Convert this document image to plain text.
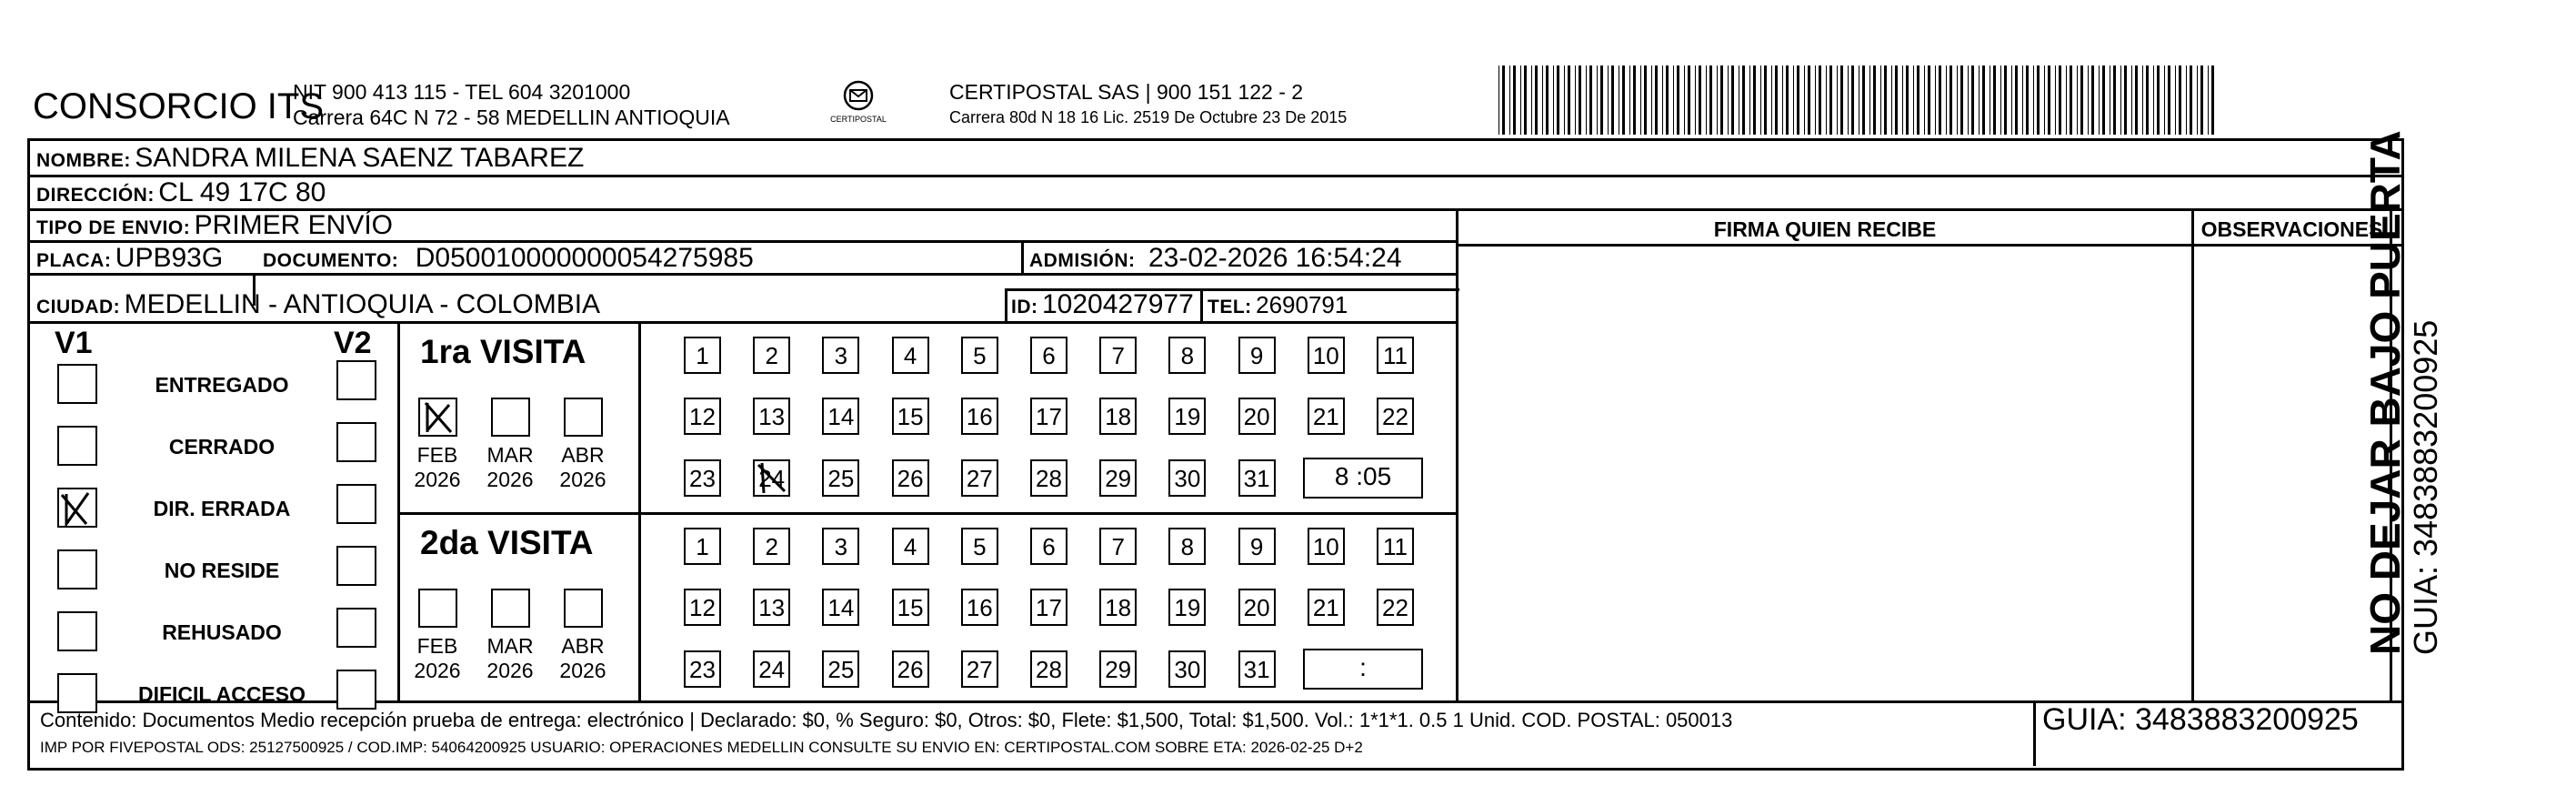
CONSORCIO ITS
NIT 900 413 115 - TEL 604 3201000
Carrera 64C N 72 - 58 MEDELLIN ANTIOQUIA	CERTIPOSTAL
CERTIPOSTAL SAS | 900 151 122 - 2
Carrera 80d N 18 16 Lic. 2519 De Octubre 23 De 2015
NOMBRE: SANDRA MILENA SAENZ TABAREZ
DIRECCIÓN: CL 49 17C 80
TIPO DE ENVIO: PRIMER ENVÍO
PLACA: UPB93G DOCUMENTO: D050010000000054275985	ADMISIÓN: 23-02-2026 16:54:24
CIUDAD: MEDELLIN - ANTIOQUIA - COLOMBIA	ID: 1020427977 TEL: 2690791
FIRMA QUIEN RECIBE	OBSERVACIONES
V1	V2
ENTREGADO
CERRADO
DIR. ERRADA
NO RESIDE
REHUSADO
DIFICIL ACCESO
1ra VISITA
FEB
2026
MAR
2026
ABR
2026
1	2	3	4	5	6	7	8	9	10 11
12 13 14 15 16 17 18 19 20 21 22
23 24 25 26 27 28 29 30 31	8 :05
2da VISITA
FEB
2026
MAR
2026
ABR
2026
1	2	3	4	5	6	7	8	9	10 11
12 13 14 15 16 17 18 19 20 21 22
23 24 25 26 27 28 29 30 31	:
Contenido: Documentos Medio recepción prueba de entrega: electrónico | Declarado: $0, % Seguro: $0, Otros: $0, Flete: $1,500, Total: $1,500. Vol.: 1*1*1. 0.5 1 Unid. COD. POSTAL: 050013
IMP POR FIVEPOSTAL ODS: 25127500925 / COD.IMP: 54064200925 USUARIO: OPERACIONES MEDELLIN CONSULTE SU ENVIO EN: CERTIPOSTAL.COM SOBRE ETA: 2026-02-25 D+2
GUIA: 3483883200925
NO DEJAR BAJO PUERTA
GUIA: 3483883200925
